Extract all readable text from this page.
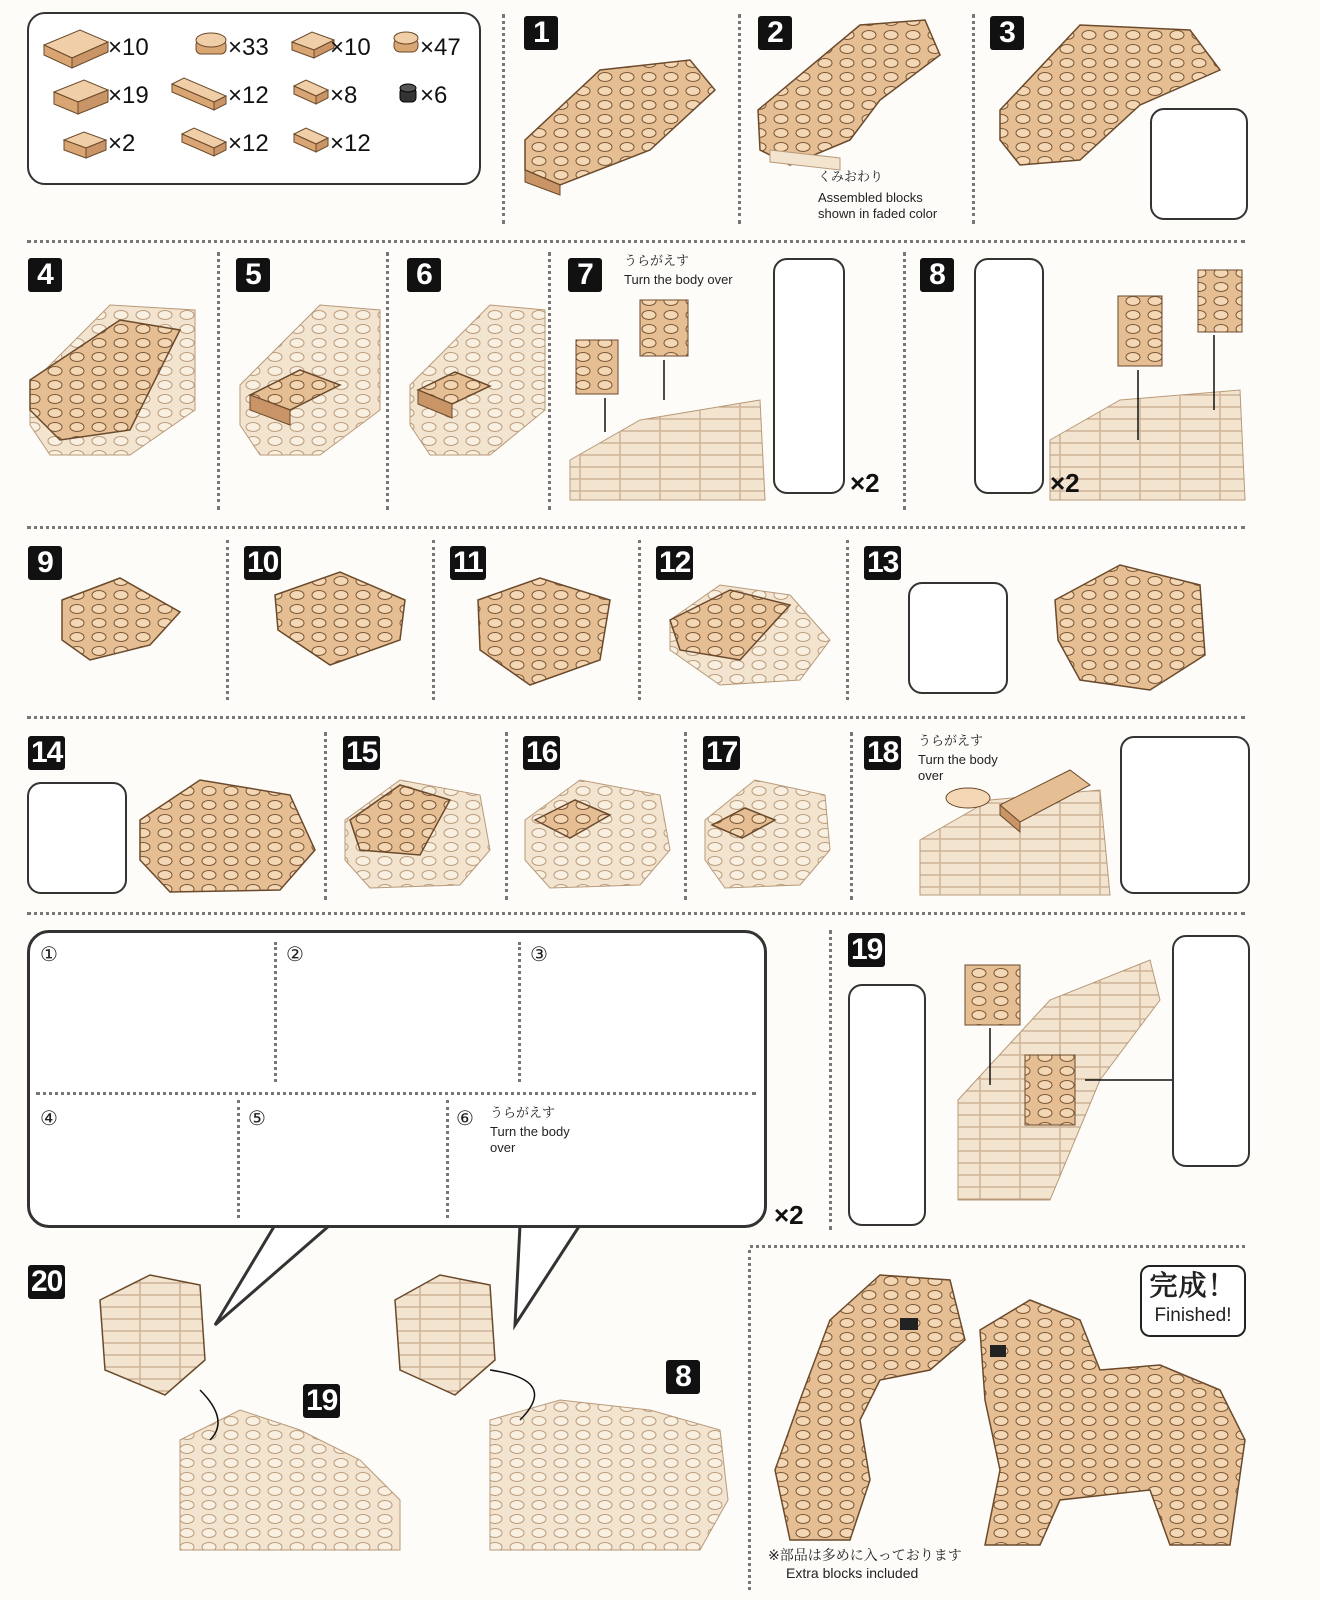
×10	×33	×10 ×47
×19	×12	×8	×6
×2	×12	×12
1	2	3
4	5	6	7	8
9	10	11	12	13
14	15	16	17	18
19
20
19
8
①	②	③
④	⑤	⑥
くみおわり
Assembled blocks
shown in faded color
うらがえす
Turn the body over
うらがえす
Turn the body
over
うらがえす
Turn the body
over
×2	×2
×2
※部品は多めに入っております
Extra blocks included
完成！
Finished!
